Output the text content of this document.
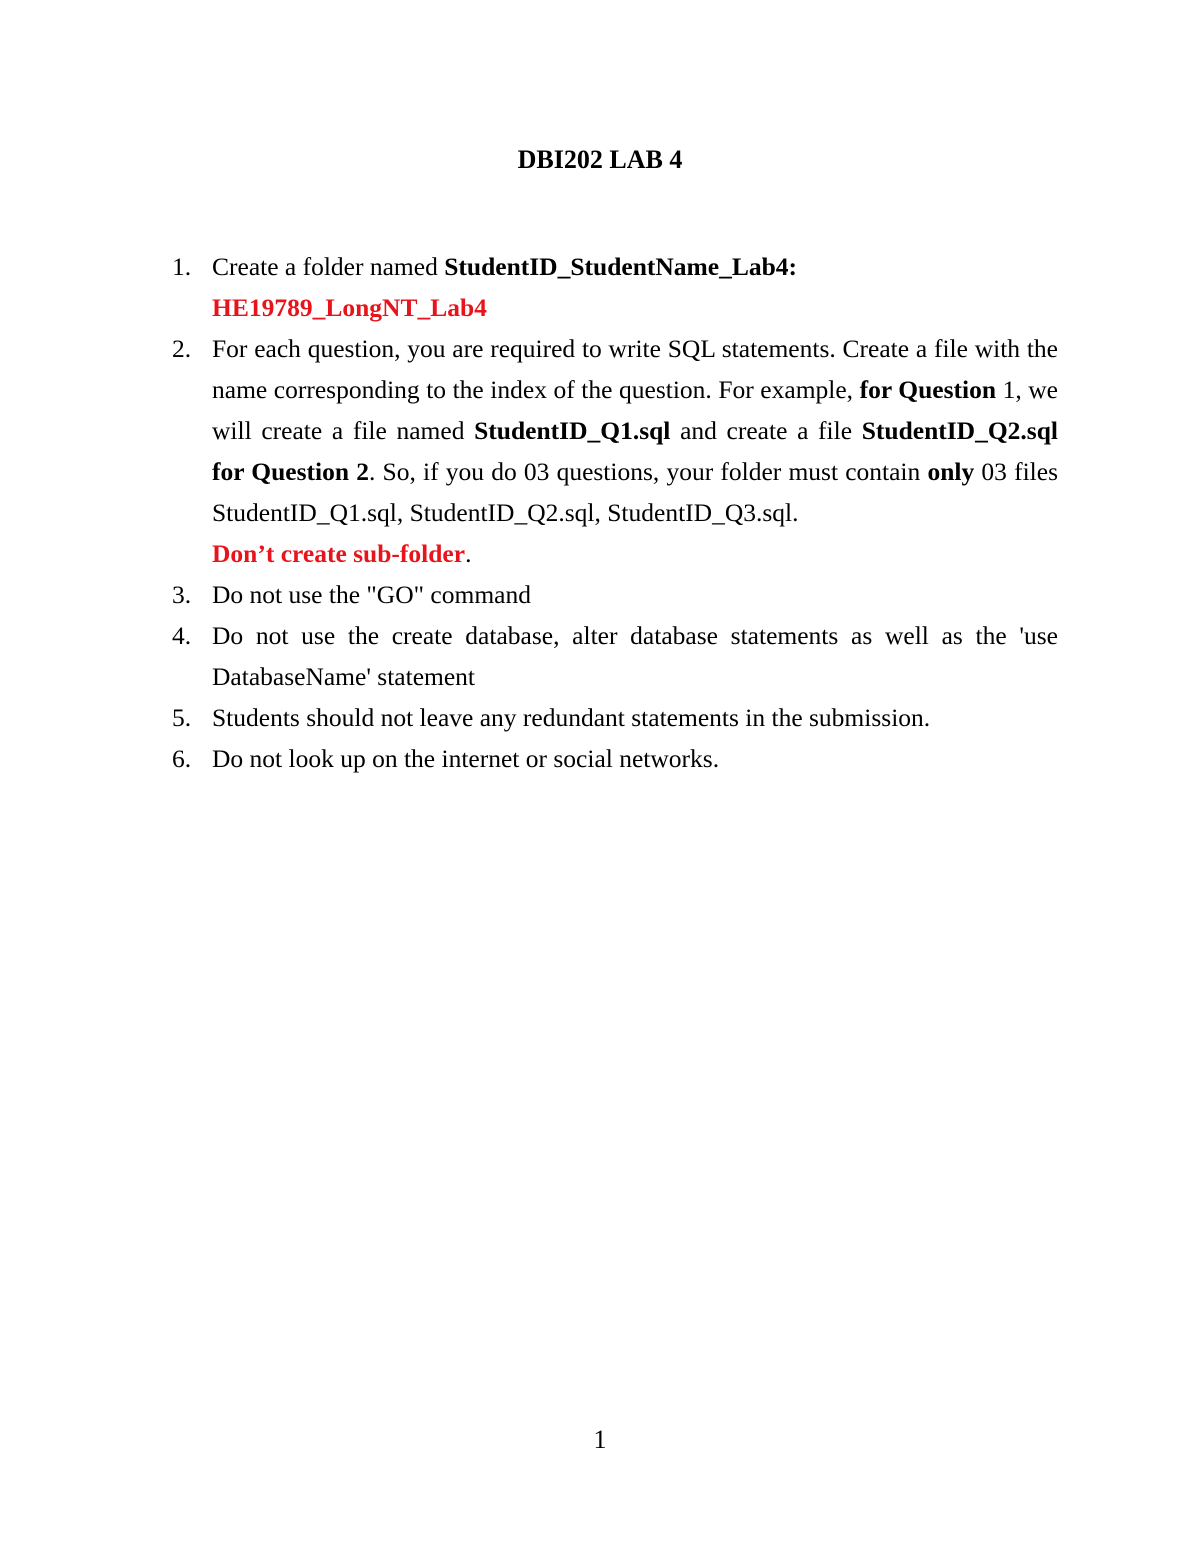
DBI202 LAB 4
1. Create a folder named StudentID_StudentName_Lab4:
HE19789_LongNT_Lab4
2. For each question, you are required to write SQL statements. Create a file with the name corresponding to the index of the question. For example, for Question 1, we will create a file named StudentID_Q1.sql and create a file StudentID_Q2.sql for Question 2. So, if you do 03 questions, your folder must contain only 03 files StudentID_Q1.sql, StudentID_Q2.sql, StudentID_Q3.sql.
Don’t create sub-folder.
3. Do not use the "GO" command
4. Do not use the create database, alter database statements as well as the 'use DatabaseName' statement
5. Students should not leave any redundant statements in the submission.
6. Do not look up on the internet or social networks.
1
